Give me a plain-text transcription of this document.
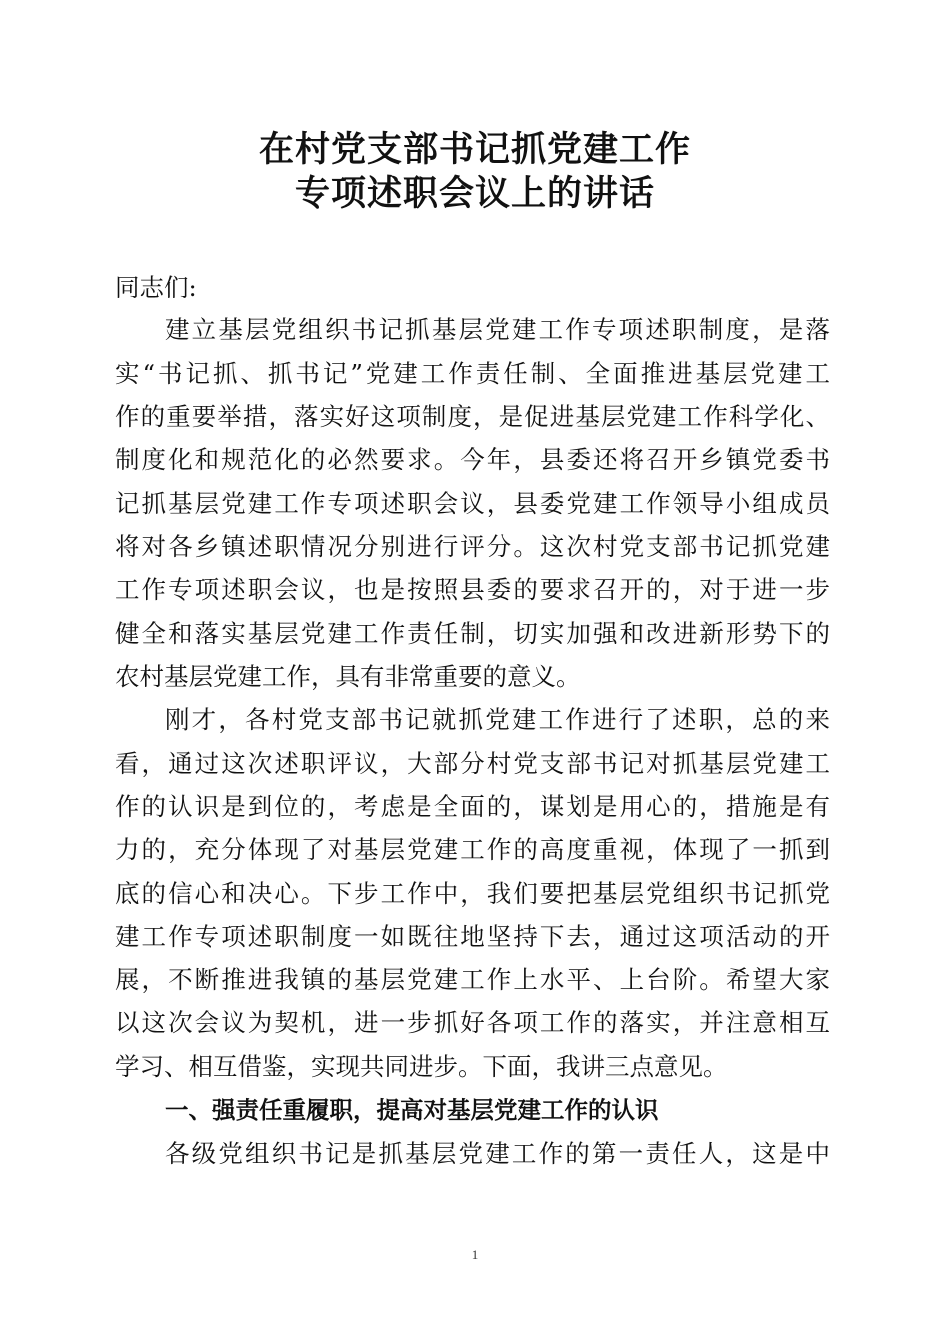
在村党支部书记抓党建工作
专项述职会议上的讲话
同志们:
建立基层党组织书记抓基层党建工作专项述职制度，是落
实“书记抓、抓书记”党建工作责任制、全面推进基层党建工
作的重要举措，落实好这项制度，是促进基层党建工作科学化、
制度化和规范化的必然要求。今年，县委还将召开乡镇党委书
记抓基层党建工作专项述职会议，县委党建工作领导小组成员
将对各乡镇述职情况分别进行评分。这次村党支部书记抓党建
工作专项述职会议，也是按照县委的要求召开的，对于进一步
健全和落实基层党建工作责任制，切实加强和改进新形势下的
农村基层党建工作，具有非常重要的意义。
刚才，各村党支部书记就抓党建工作进行了述职，总的来
看，通过这次述职评议，大部分村党支部书记对抓基层党建工
作的认识是到位的，考虑是全面的，谋划是用心的，措施是有
力的，充分体现了对基层党建工作的高度重视，体现了一抓到
底的信心和决心。下步工作中，我们要把基层党组织书记抓党
建工作专项述职制度一如既往地坚持下去，通过这项活动的开
展，不断推进我镇的基层党建工作上水平、上台阶。希望大家
以这次会议为契机，进一步抓好各项工作的落实，并注意相互
学习、相互借鉴，实现共同进步。下面，我讲三点意见。
一、强责任重履职，提高对基层党建工作的认识
各级党组织书记是抓基层党建工作的第一责任人，这是中
1
